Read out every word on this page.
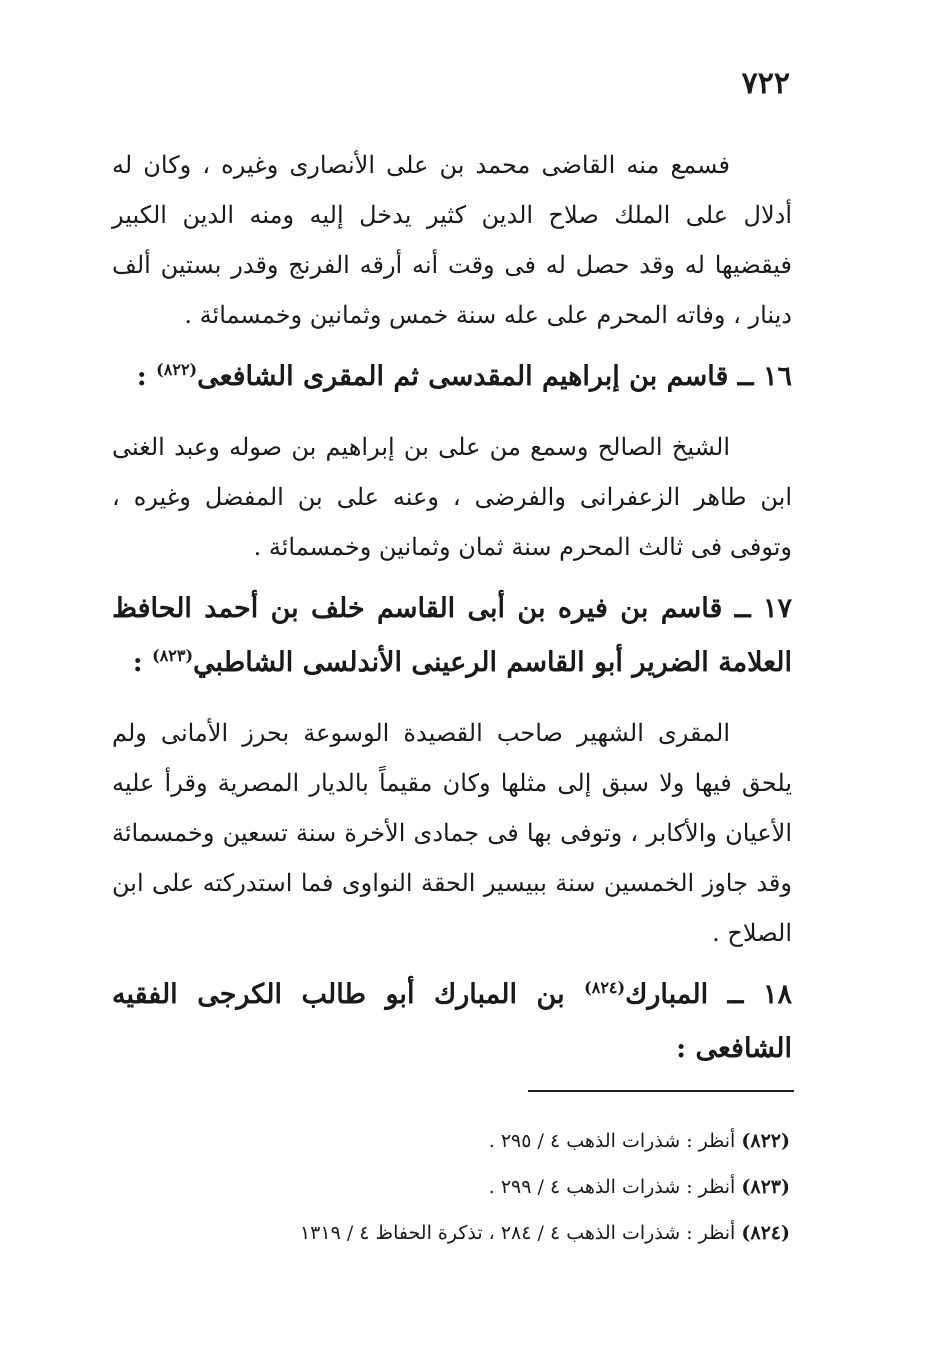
٧٢٢

فسمع منه القاضى محمد بن على الأنصارى وغيره ، وكان له أدلال على الملك صلاح الدين كثير يدخل إليه ومنه الدين الكبير فيقضيها له وقد حصل له فى وقت أنه أرقه الفرنج وقدر بستين ألف دينار ، وفاته المحرم على عله سنة خمس وثمانين وخمسمائة .

١٦ ــ قاسم بن إبراهيم المقدسى ثم المقرى الشافعى$^{(٨٢٢)}$ :

الشيخ الصالح وسمع من على بن إبراهيم بن صوله وعبد الغنى ابن طاهر الزعفرانى والفرضى ، وعنه على بن المفضل وغيره ، وتوفى فى ثالث المحرم سنة ثمان وثمانين وخمسمائة .

١٧ ــ قاسم بن فيره بن أبى القاسم خلف بن أحمد الحافظ العلامة الضرير أبو القاسم الرعينى الأندلسى الشاطبي$^{(٨٢٣)}$ :

المقرى الشهير صاحب القصيدة الوسوعة بحرز الأمانى ولم يلحق فيها ولا سبق إلى مثلها وكان مقيماً بالديار المصرية وقرأ عليه الأعيان والأكابر ، وتوفى بها فى جمادى الأخرة سنة تسعين وخمسمائة وقد جاوز الخمسين سنة ببيسير الحقة النواوى فما استدركته على ابن الصلاح .

١٨ ــ المبارك$^{(٨٢٤)}$ بن المبارك أبو طالب الكرجى الفقيه الشافعى :

(٨٢٢) أنظر : شذرات الذهب ٤ / ٢٩٥ .

(٨٢٣) أنظر : شذرات الذهب ٤ / ٢٩٩ .

(٨٢٤) أنظر : شذرات الذهب ٤ / ٢٨٤ ، تذكرة الحفاظ ٤ / ١٣١٩
